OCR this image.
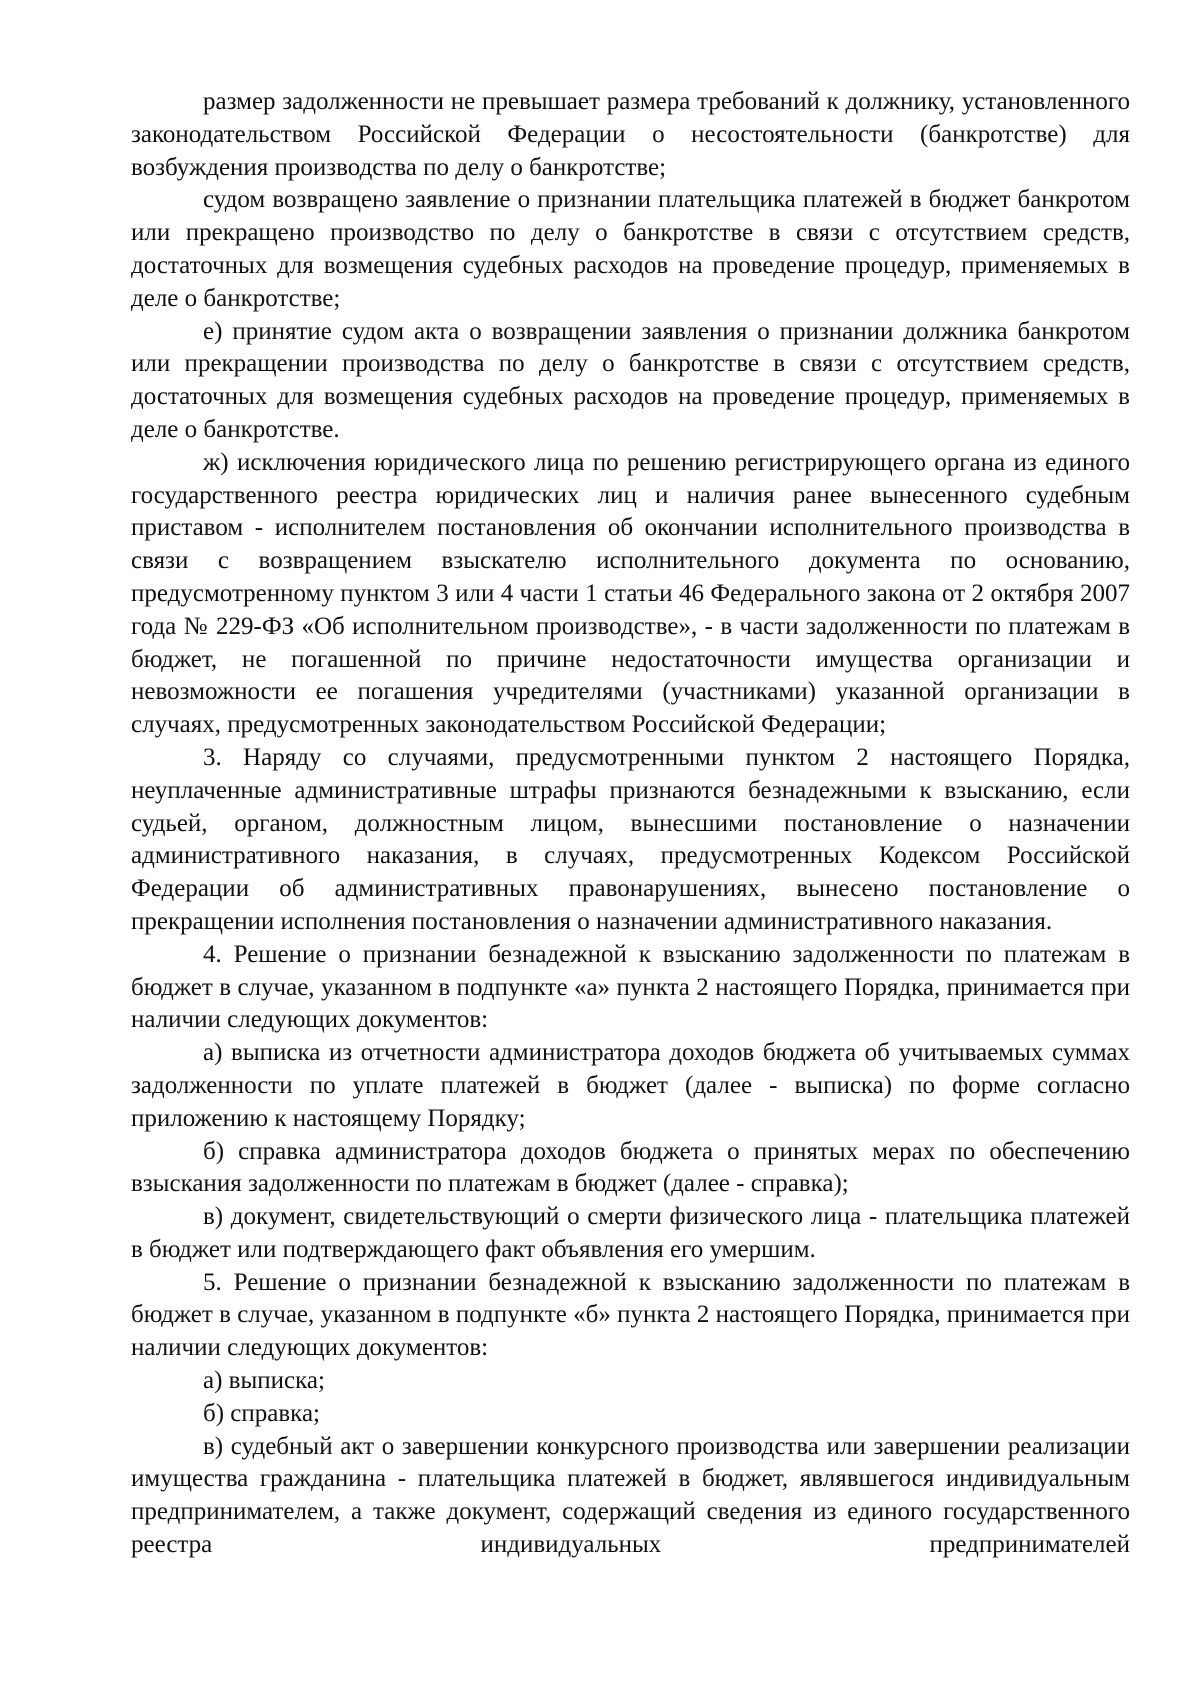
размер задолженности не превышает размера требований к должнику, установленного законодательством Российской Федерации о несостоятельности (банкротстве) для возбуждения производства по делу о банкротстве;

судом возвращено заявление о признании плательщика платежей в бюджет банкротом или прекращено производство по делу о банкротстве в связи с отсутствием средств, достаточных для возмещения судебных расходов на проведение процедур, применяемых в деле о банкротстве;

е) принятие судом акта о возвращении заявления о признании должника банкротом или прекращении производства по делу о банкротстве в связи с отсутствием средств, достаточных для возмещения судебных расходов на проведение процедур, применяемых в деле о банкротстве.

ж) исключения юридического лица по решению регистрирующего органа из единого государственного реестра юридических лиц и наличия ранее вынесенного судебным приставом - исполнителем постановления об окончании исполнительного производства в связи с возвращением взыскателю исполнительного документа по основанию, предусмотренному пунктом 3 или 4 части 1 статьи 46 Федерального закона от 2 октября 2007 года № 229-ФЗ «Об исполнительном производстве», - в части задолженности по платежам в бюджет, не погашенной по причине недостаточности имущества организации и невозможности ее погашения учредителями (участниками) указанной организации в случаях, предусмотренных законодательством Российской Федерации;

3. Наряду со случаями, предусмотренными пунктом 2 настоящего Порядка, неуплаченные административные штрафы признаются безнадежными к взысканию, если судьей, органом, должностным лицом, вынесшими постановление о назначении административного наказания, в случаях, предусмотренных Кодексом Российской Федерации об административных правонарушениях, вынесено постановление о прекращении исполнения постановления о назначении административного наказания.

4. Решение о признании безнадежной к взысканию задолженности по платежам в бюджет в случае, указанном в подпункте «а» пункта 2 настоящего Порядка, принимается при наличии следующих документов:

а) выписка из отчетности администратора доходов бюджета об учитываемых суммах задолженности по уплате платежей в бюджет (далее - выписка) по форме согласно приложению к настоящему Порядку;

б) справка администратора доходов бюджета о принятых мерах по обеспечению взыскания задолженности по платежам в бюджет (далее - справка);

в) документ, свидетельствующий о смерти физического лица - плательщика платежей в бюджет или подтверждающего факт объявления его умершим.

5. Решение о признании безнадежной к взысканию задолженности по платежам в бюджет в случае, указанном в подпункте «б» пункта 2 настоящего Порядка, принимается при наличии следующих документов:

а) выписка;

б) справка;

в) судебный акт о завершении конкурсного производства или завершении реализации имущества гражданина - плательщика платежей в бюджет, являвшегося индивидуальным предпринимателем, а также документ, содержащий сведения из единого государственного реестра индивидуальных предпринимателей
